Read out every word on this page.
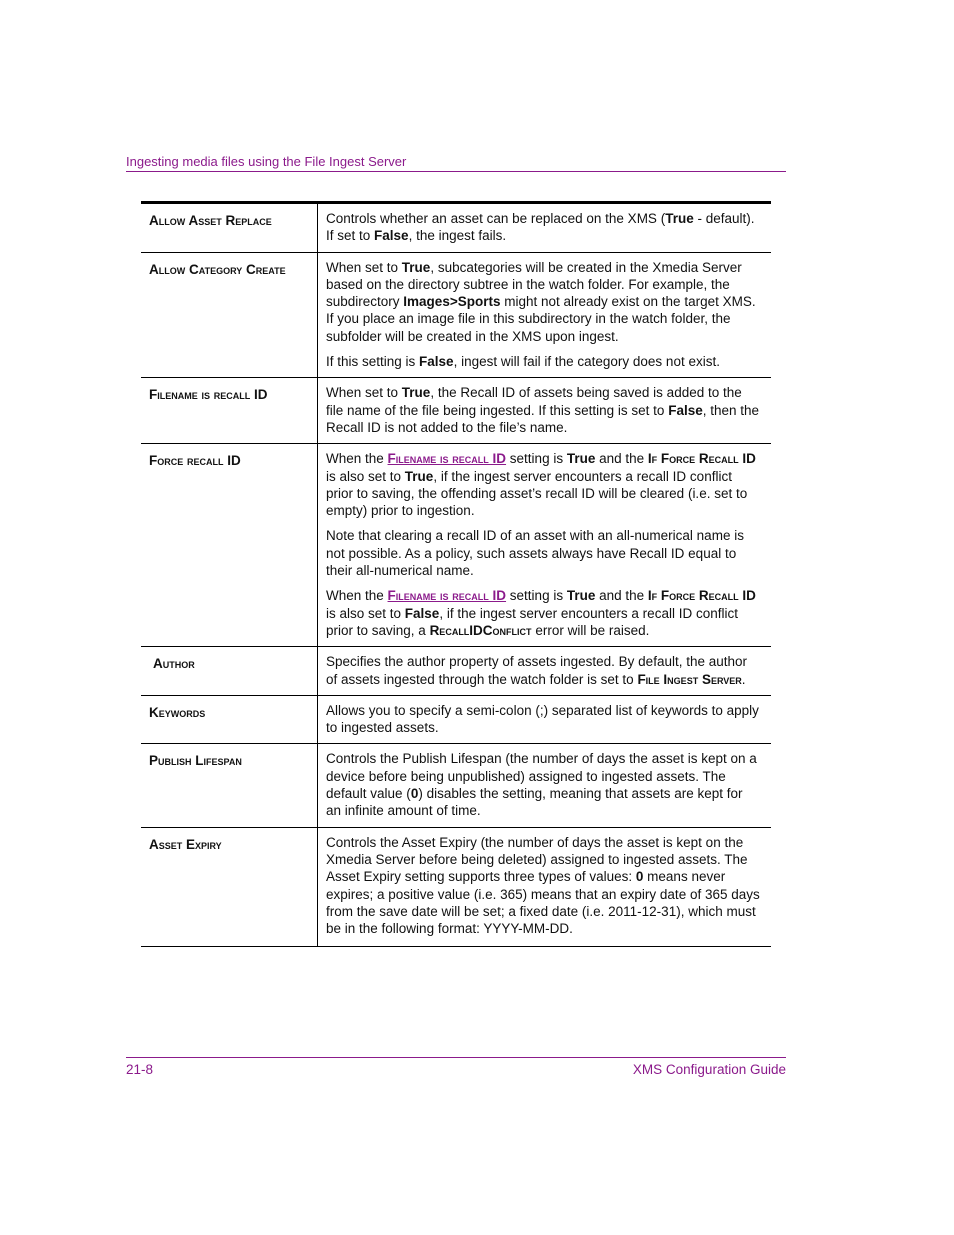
Ingesting media files using the File Ingest Server
Allow Asset Replace	Controls whether an asset can be replaced on the XMS (True - default). If set to False, the ingest fails.

Allow Category Create	When set to True, subcategories will be created in the Xmedia Server based on the directory subtree in the watch folder. For example, the subdirectory Images>Sports might not already exist on the target XMS. If you place an image file in this subdirectory in the watch folder, the subfolder will be created in the XMS upon ingest.

If this setting is False, ingest will fail if the category does not exist.

Filename is recall ID	When set to True, the Recall ID of assets being saved is added to the file name of the file being ingested. If this setting is set to False, then the Recall ID is not added to the file’s name.

Force recall ID	When the Filename is recall ID setting is True and the If Force Recall ID is also set to True, if the ingest server encounters a recall ID conflict prior to saving, the offending asset’s recall ID will be cleared (i.e. set to empty) prior to ingestion.

Note that clearing a recall ID of an asset with an all-numerical name is not possible. As a policy, such assets always have Recall ID equal to their all-numerical name.

When the Filename is recall ID setting is True and the If Force Recall ID is also set to False, if the ingest server encounters a recall ID conflict prior to saving, a RecallIDConflict error will be raised.

Author	Specifies the author property of assets ingested. By default, the author of assets ingested through the watch folder is set to File Ingest Server.

Keywords	Allows you to specify a semi-colon (;) separated list of keywords to apply to ingested assets.

Publish Lifespan	Controls the Publish Lifespan (the number of days the asset is kept on a device before being unpublished) assigned to ingested assets. The default value (0) disables the setting, meaning that assets are kept for an infinite amount of time.

Asset Expiry	Controls the Asset Expiry (the number of days the asset is kept on the Xmedia Server before being deleted) assigned to ingested assets. The Asset Expiry setting supports three types of values: 0 means never expires; a positive value (i.e. 365) means that an expiry date of 365 days from the save date will be set; a fixed date (i.e. 2011-12-31), which must be in the following format: YYYY-MM-DD.

21-8	XMS Configuration Guide
